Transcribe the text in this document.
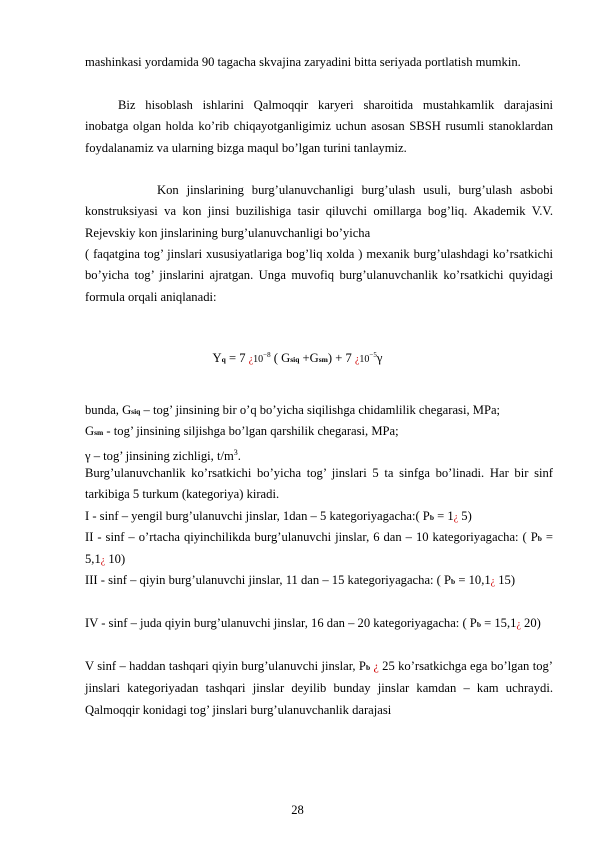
mashinkasi yordamida 90 tagacha skvajina zaryadini bitta seriyada portlatish mumkin.
Biz hisoblash ishlarini Qalmoqqir karyeri sharoitida mustahkamlik darajasini inobatga olgan holda ko’rib chiqayotganligimiz uchun asosan SBSH rusumli stanoklardan foydalanamiz va ularning bizga maqul bo’lgan turini tanlaymiz.
Kon jinslarining burg’ulanuvchanligi burg’ulash usuli, burg’ulash asbobi konstruksiyasi va kon jinsi buzilishiga tasir qiluvchi omillarga bog’liq. Akademik V.V. Rejevskiy kon jinslarining burg’ulanuvchanligi bo’yicha
( faqatgina tog’ jinslari xususiyatlariga bog’liq xolda ) mexanik burg’ulashdagi ko’rsatkichi bo’yicha tog’ jinslarini ajratgan. Unga muvofiq burg’ulanuvchanlik ko’rsatkichi quyidagi formula orqali aniqlanadi:
Yq = 7 ¿$10^{-8}$ ( Gsiq +Gsm) + 7 ¿$10^{-5}\gamma$
bunda, Gsiq – tog’ jinsining bir o’q bo’yicha siqilishga chidamlilik chegarasi, MPa;
Gsm - tog’ jinsining siljishga bo’lgan qarshilik chegarasi, MPa;
γ – tog’ jinsining zichligi, $t/m^3$.
Burg’ulanuvchanlik ko’rsatkichi bo’yicha tog’ jinslari 5 ta sinfga bo’linadi. Har bir sinf tarkibiga 5 turkum (kategoriya) kiradi.
I - sinf – yengil burg’ulanuvchi jinslar, 1dan – 5 kategoriyagacha:( Pb = 1¿ 5)
II - sinf – o’rtacha qiyinchilikda burg’ulanuvchi jinslar, 6 dan – 10 kategoriyagacha: ( Pb = 5,1¿ 10)
III - sinf – qiyin burg’ulanuvchi jinslar, 11 dan – 15 kategoriyagacha: ( Pb = 10,1¿ 15)
IV - sinf – juda qiyin burg’ulanuvchi jinslar, 16 dan – 20 kategoriyagacha: ( Pb = 15,1¿ 20)
V sinf – haddan tashqari qiyin burg’ulanuvchi jinslar, Pb ¿ 25 ko’rsatkichga ega bo’lgan tog’ jinslari kategoriyadan tashqari jinslar deyilib bunday jinslar kamdan – kam uchraydi. Qalmoqqir konidagi tog’ jinslari burg’ulanuvchanlik darajasi
28
